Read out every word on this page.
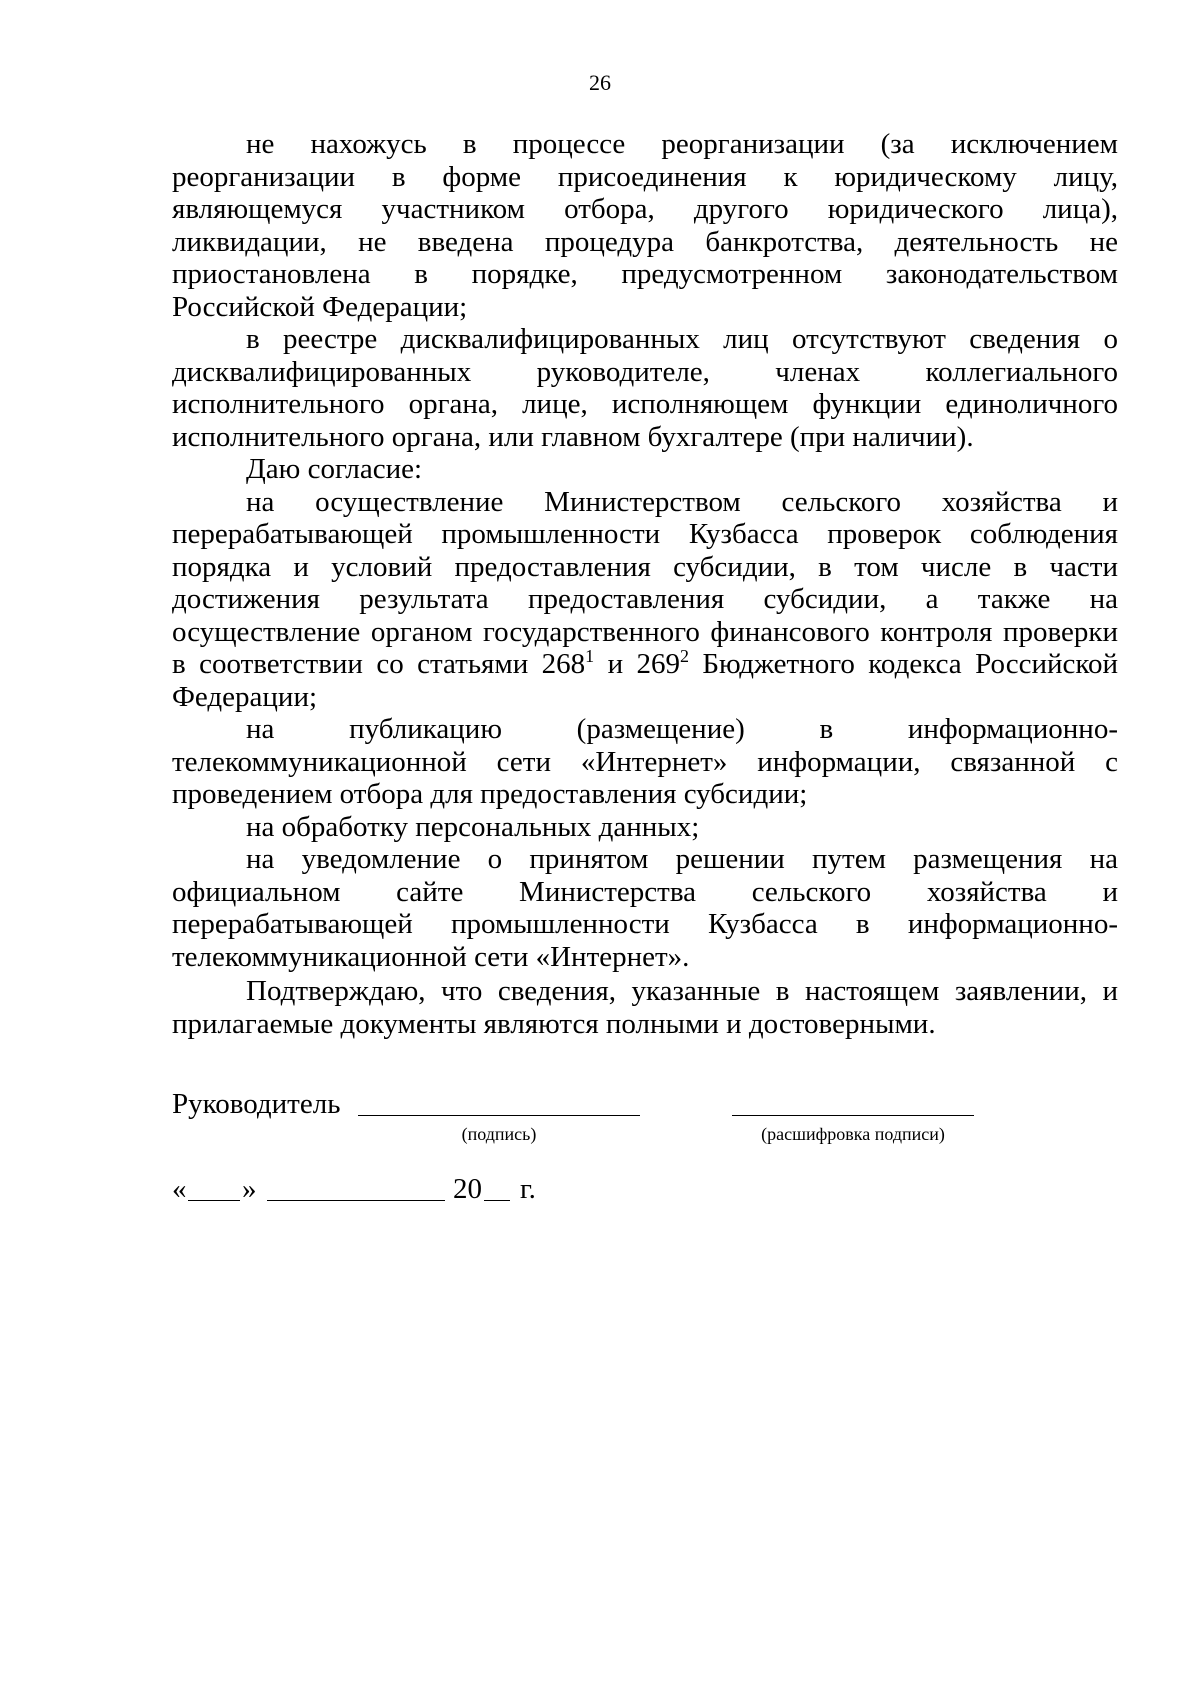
26

не нахожусь в процессе реорганизации (за исключением реорганизации в форме присоединения к юридическому лицу, являющемуся участником отбора, другого юридического лица), ликвидации, не введена процедура банкротства, деятельность не приостановлена в порядке, предусмотренном законодательством Российской Федерации;

в реестре дисквалифицированных лиц отсутствуют сведения о дисквалифицированных руководителе, членах коллегиального исполнительного органа, лице, исполняющем функции единоличного исполнительного органа, или главном бухгалтере (при наличии).

Даю согласие:

на осуществление Министерством сельского хозяйства и перерабатывающей промышленности Кузбасса проверок соблюдения порядка и условий предоставления субсидии, в том числе в части достижения результата предоставления субсидии, а также на осуществление органом государственного финансового контроля проверки в соответствии со статьями $268^1$ и $269^2$ Бюджетного кодекса Российской Федерации;

на публикацию (размещение) в информационно-телекоммуникационной сети «Интернет» информации, связанной с проведением отбора для предоставления субсидии;

на обработку персональных данных;

на уведомление о принятом решении путем размещения на официальном сайте Министерства сельского хозяйства и перерабатывающей промышленности Кузбасса в информационно-телекоммуникационной сети «Интернет».

Подтверждаю, что сведения, указанные в настоящем заявлении, и прилагаемые документы являются полными и достоверными.

Руководитель
(подпись)	(расшифровка подписи)
« »	20 г.
